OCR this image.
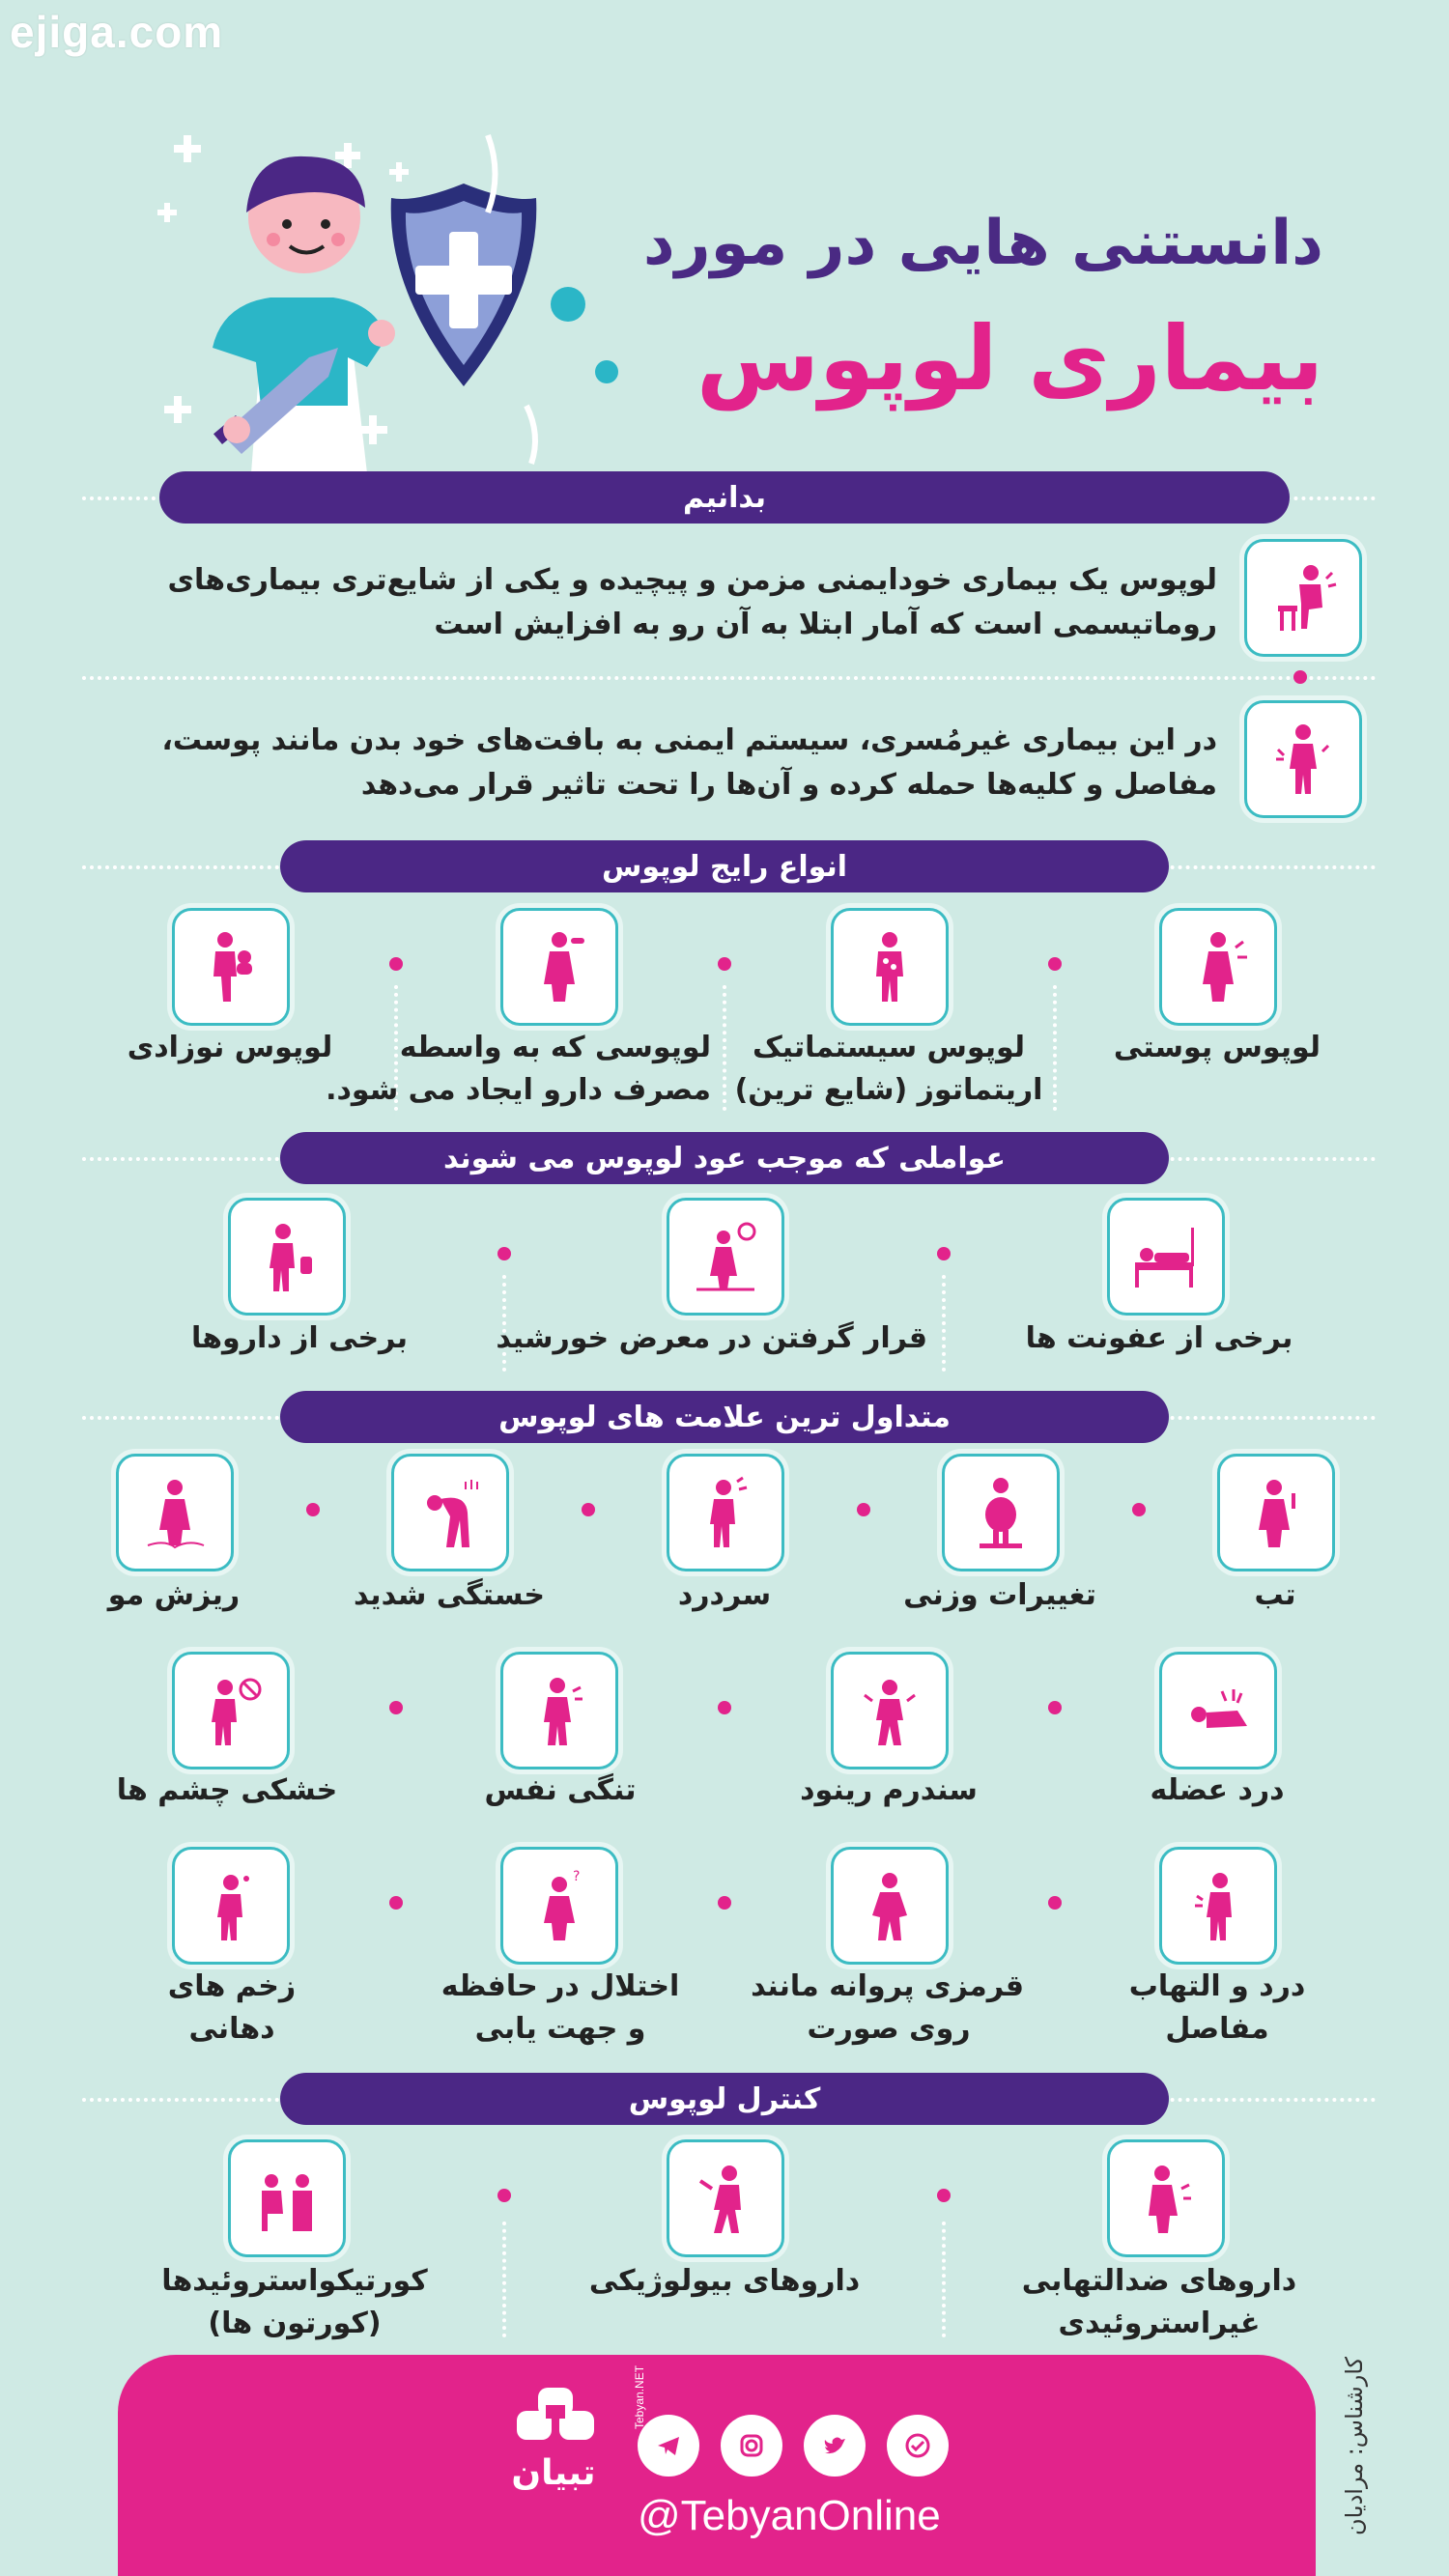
ejiga.com
دانستنی هایی در مورد
بیماری لوپوس
بدانیم
لوپوس یک بیماری خودایمنی مزمن و پیچیده و یکی از شایع‌تری بیماری‌های
روماتیسمی است که آمار ابتلا به آن رو به افزایش است
در این بیماری غیرمُسری، سیستم ایمنی به بافت‌های خود بدن مانند پوست،
مفاصل و کلیه‌ها حمله کرده و آن‌ها را تحت تاثیر قرار می‌دهد
انواع رایج لوپوس
لوپوس پوستی
لوپوس سیستماتیک
اریتماتوز (شایع ترین)
لوپوسی که به واسطه
مصرف دارو ایجاد می شود.
لوپوس نوزادی
عواملی که موجب عود لوپوس می شوند
برخی از عفونت ها
قرار گرفتن در معرض خورشید
برخی از داروها
متداول ترین علامت های لوپوس
تب
تغییرات وزنی
سردرد
خستگی شدید
ریزش مو
درد عضله
سندرم رینود
تنگی نفس
خشکی چشم ها
?
درد و التهاب
مفاصل
قرمزی پروانه مانند
روی صورت
اختلال در حافظه
و جهت یابی
زخم های
دهانی
کنترل لوپوس
داروهای ضدالتهابی
غیراستروئیدی
داروهای بیولوژیکی
کورتیکواستروئیدها
(کورتون ها)
کارشناس: مرادیان
تبیان
Tebyan.NET
@TebyanOnline
